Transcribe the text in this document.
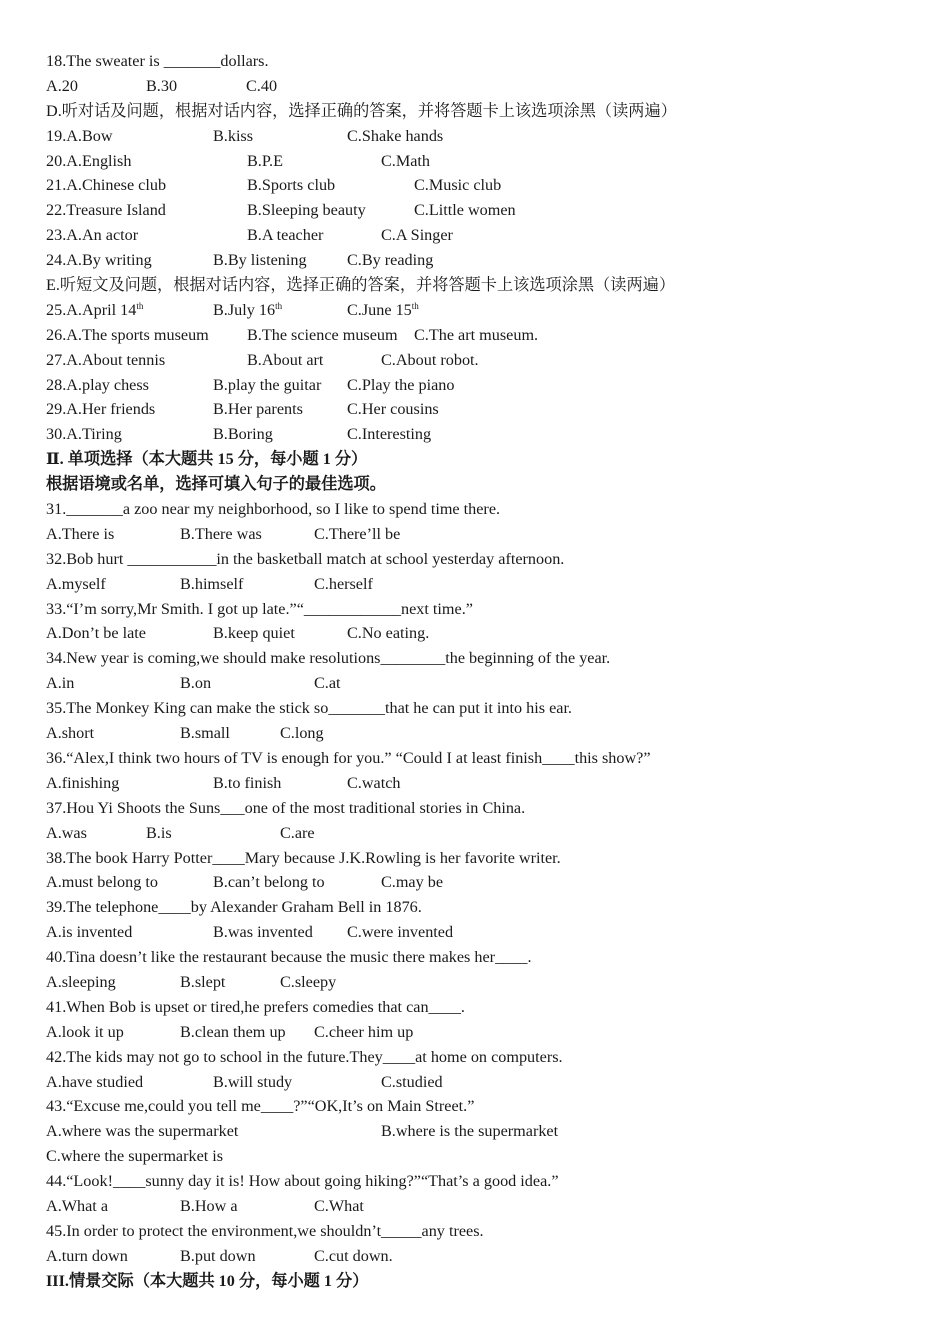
18.The sweater is _______dollars.
A.20	B.30	C.40
D.听对话及问题，根据对话内容，选择正确的答案，并将答题卡上该选项涂黑（读两遍）
19.A.Bow	B.kiss	C.Shake hands
20.A.English	B.P.E	C.Math
21.A.Chinese club	B.Sports club	C.Music club
22.Treasure Island	B.Sleeping beauty	C.Little women
23.A.An actor	B.A teacher	C.A Singer
24.A.By writing	B.By listening C.By reading
E.听短文及问题，根据对话内容，选择正确的答案，并将答题卡上该选项涂黑（读两遍）
25.A.April 14th	B.July 16th	C.June 15th
26.A.The sports museum B.The science museum C.The art museum.
27.A.About tennis	B.About art	C.About robot.
28.A.play chess	B.play the guitar C.Play the piano
29.A.Her friends	B.Her parents	C.Her cousins
30.A.Tiring	B.Boring	C.Interesting
Ⅱ. 单项选择（本大题共 15 分，每小题 1 分）
根据语境或名单，选择可填入句子的最佳选项。
31._______a zoo near my neighborhood, so I like to spend time there.
A.There is	B.There was	C.There’ll be
32.Bob hurt ___________in the basketball match at school yesterday afternoon.
A.myself	B.himself	C.herself
33.“I’m sorry,Mr Smith. I got up late.”“____________next time.”
A.Don’t be late	B.keep quiet	C.No eating.
34.New year is coming,we should make resolutions________the beginning of the year.
A.in	B.on	C.at
35.The Monkey King can make the stick so_______that he can put it into his ear.
A.short	B.small	C.long
36.“Alex,I think two hours of TV is enough for you.” “Could I at least finish____this show?”
A.finishing	B.to finish	C.watch
37.Hou Yi Shoots the Suns___one of the most traditional stories in China.
A.was	B.is	C.are
38.The book Harry Potter____Mary because J.K.Rowling is her favorite writer.
A.must belong to	B.can’t belong to	C.may be
39.The telephone____by Alexander Graham Bell in 1876.
A.is invented	B.was invented C.were invented
40.Tina doesn’t like the restaurant because the music there makes her____.
A.sleeping	B.slept	C.sleepy
41.When Bob is upset or tired,he prefers comedies that can____.
A.look it up	B.clean them up C.cheer him up
42.The kids may not go to school in the future.They____at home on computers.
A.have studied	B.will study	C.studied
43.“Excuse me,could you tell me____?”“OK,It’s on Main Street.”
A.where was the supermarket	B.where is the supermarket
C.where the supermarket is
44.“Look!____sunny day it is! How about going hiking?”“That’s a good idea.”
A.What a	B.How a	C.What
45.In order to protect the environment,we shouldn’t_____any trees.
A.turn down	B.put down	C.cut down.
III.情景交际（本大题共 10 分，每小题 1 分）
